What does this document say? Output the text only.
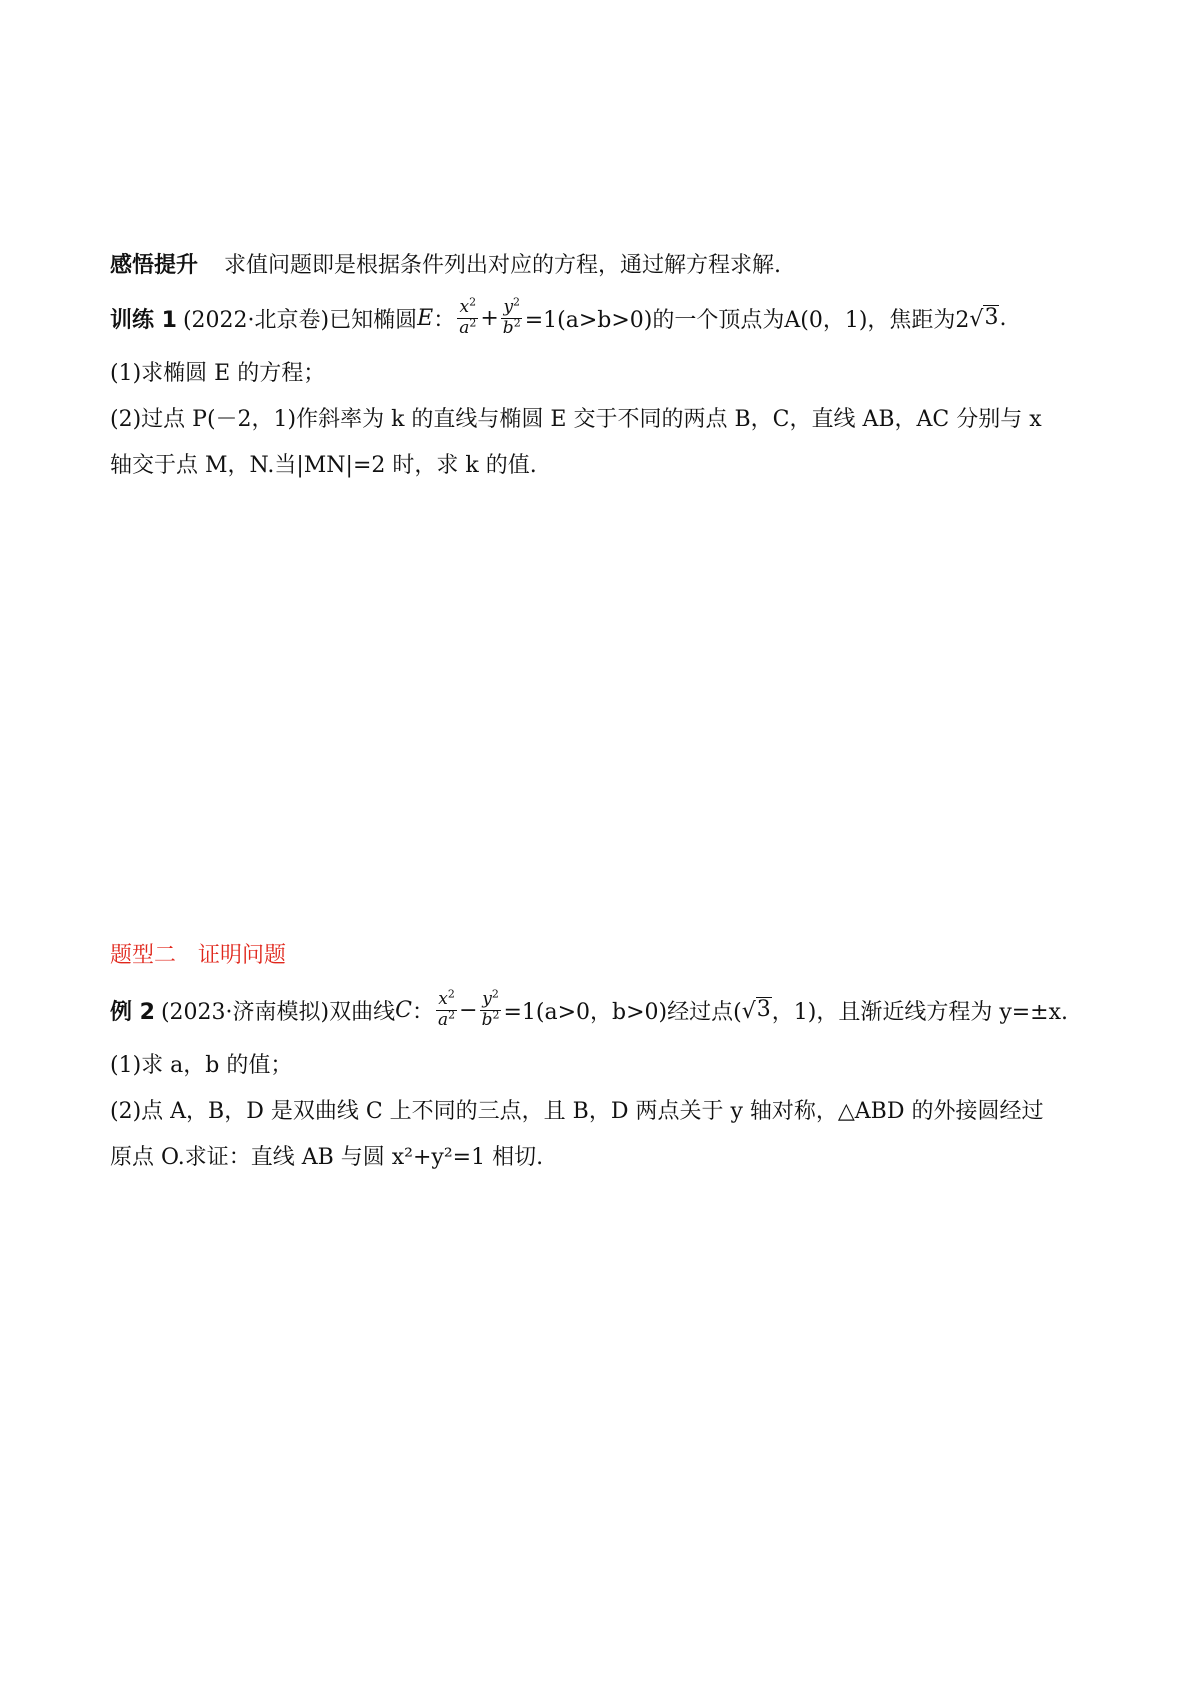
感悟提升 求值问题即是根据条件列出对应的方程，通过解方程求解.
训练 1 (2022·北京卷) 已知椭圆 E ： $\frac{x^2}{a^2} + \frac{y^2}{b^2} =1(a>b>0)$的一个顶点为A(0，1)，焦距为2 √ 3 .
(1)求椭圆 E 的方程；
(2)过点 P(－2，1)作斜率为 k 的直线与椭圆 E 交于不同的两点 B，C，直线 AB，AC 分别与 x
轴交于点 M，N.当|MN|=2 时，求 k 的值.
题型二　证明问题
例 2 (2023·济南模拟) 双曲线 C ： $\frac{x^2}{a^2} - \frac{y^2}{b^2} =1(a>0$，b>0)经过点( √ 3 ，1)，且渐近线方程为 y=±x.
(1)求 a，b 的值；
(2)点 A，B，D 是双曲线 C 上不同的三点，且 B，D 两点关于 y 轴对称，△ABD 的外接圆经过
原点 O.求证：直线 AB 与圆 x²+y²=1 相切.
